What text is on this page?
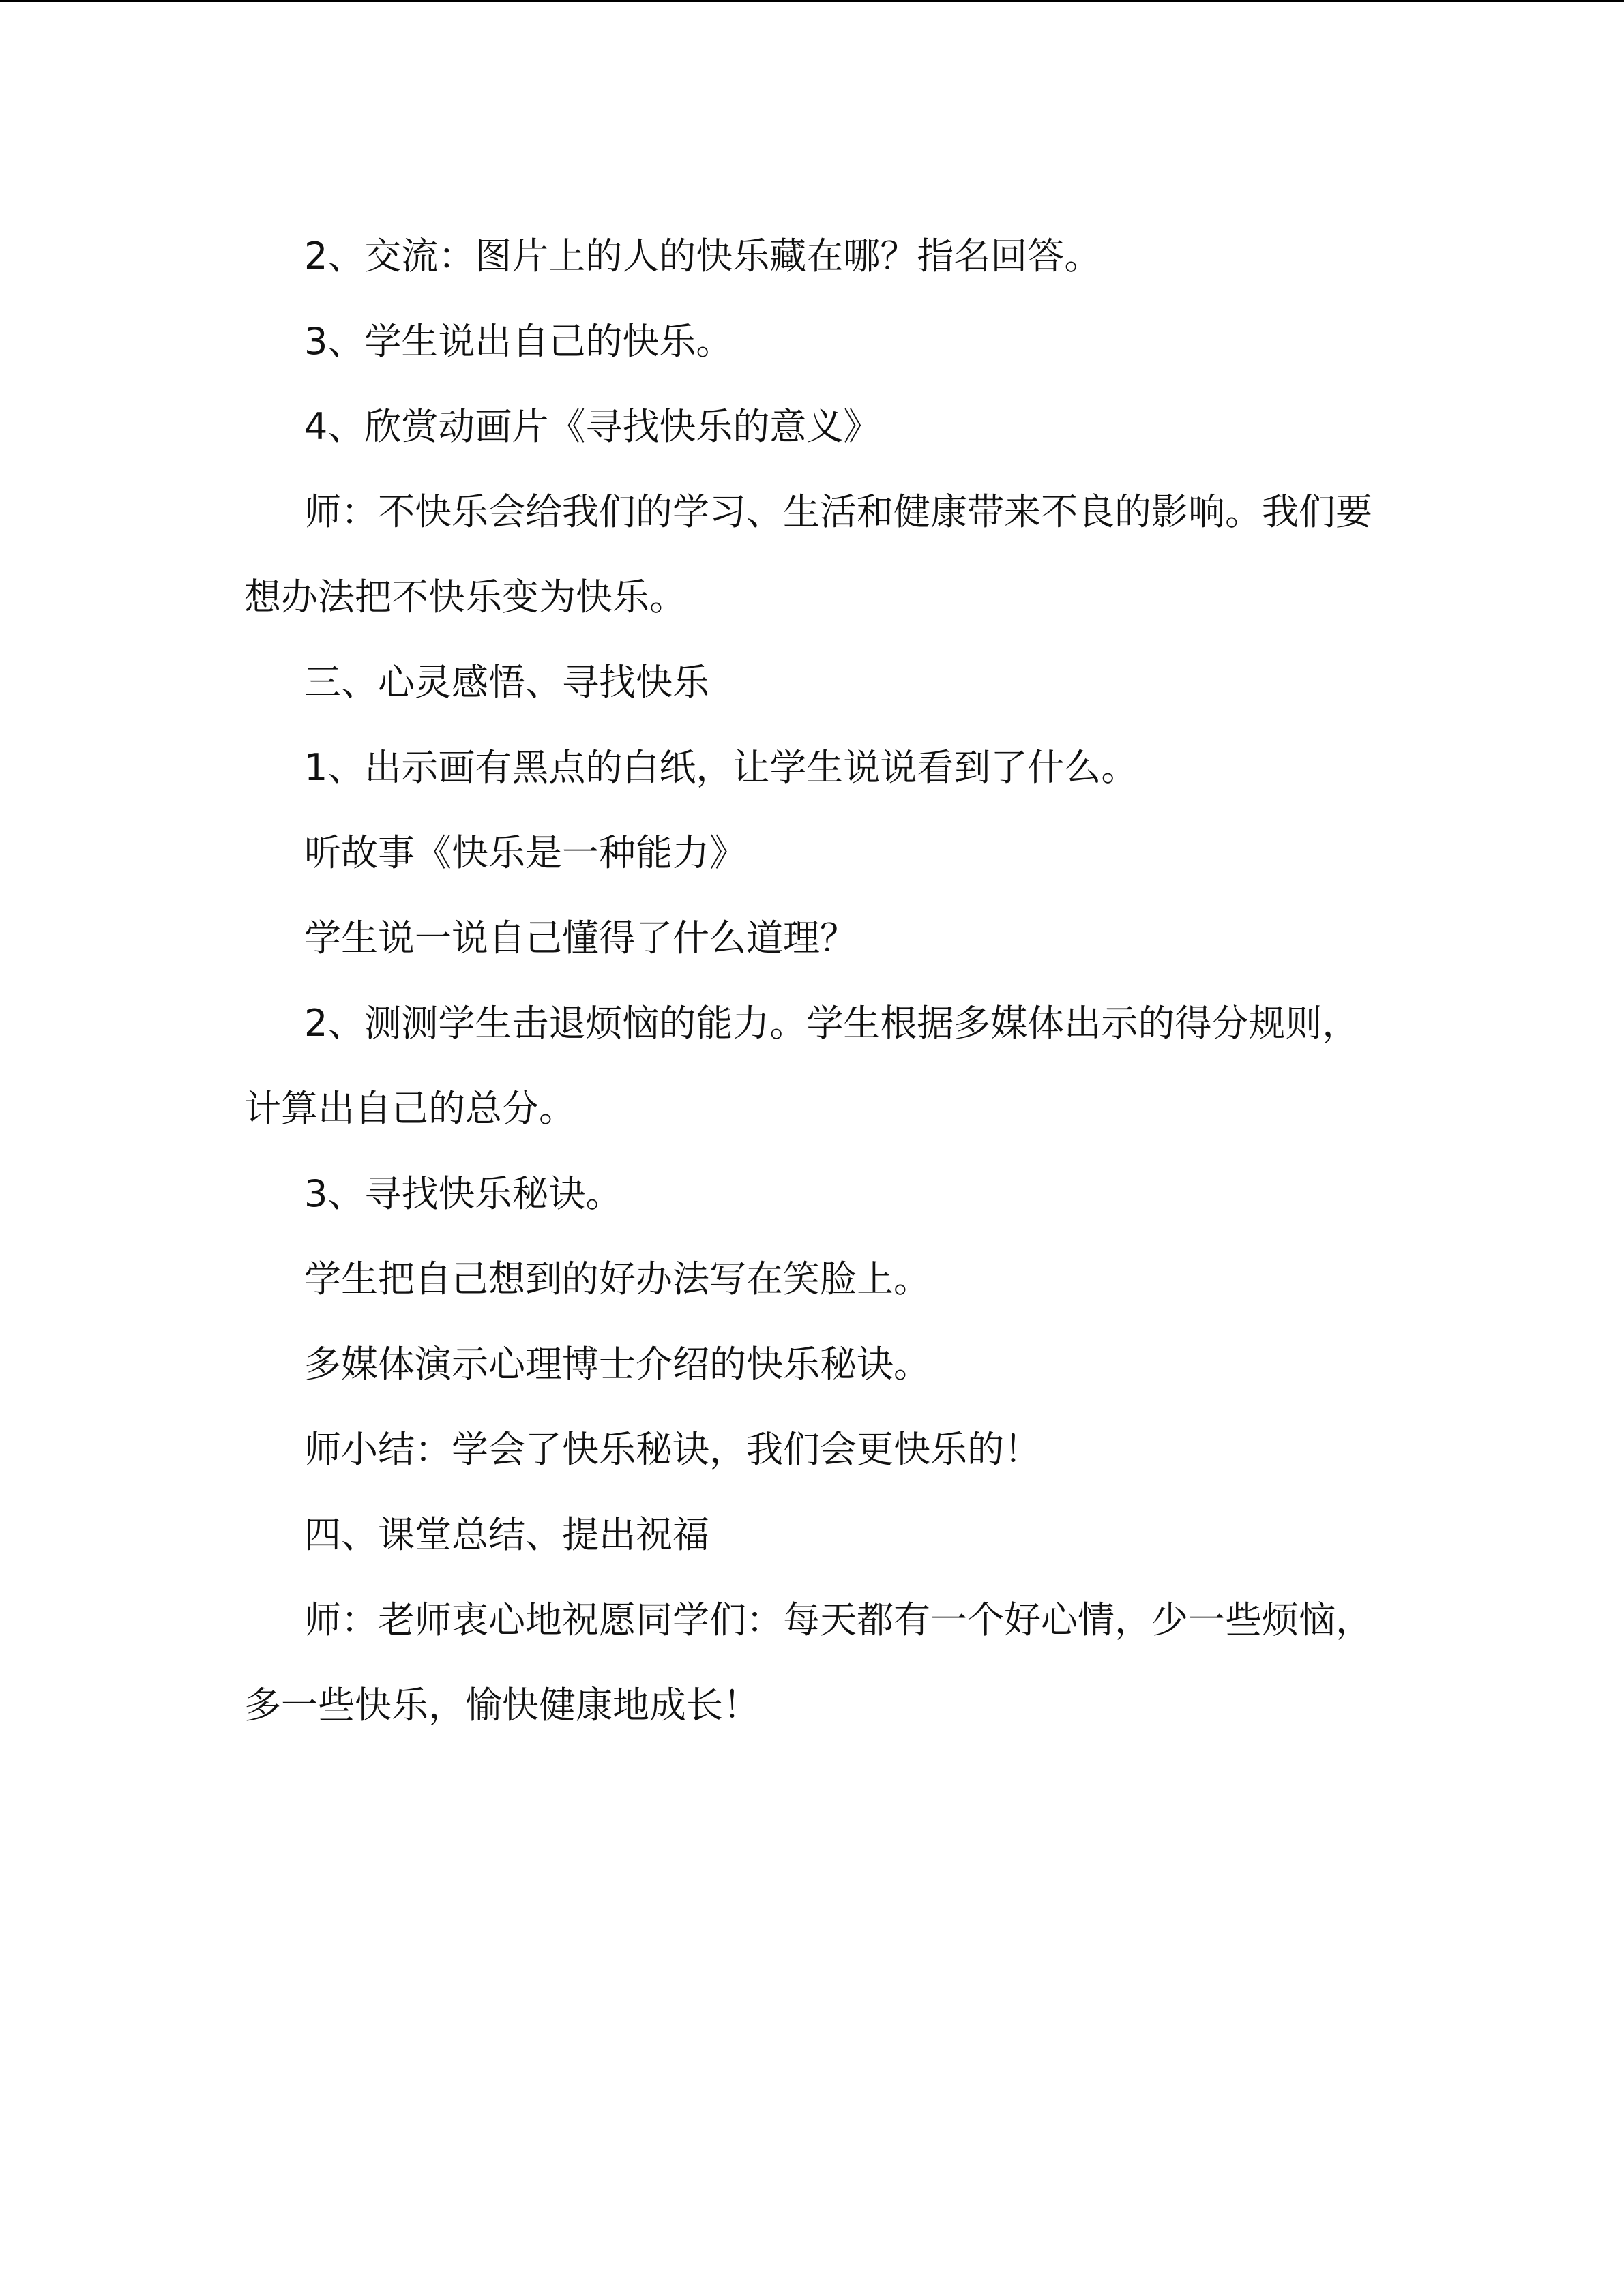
2、交流：图片上的人的快乐藏在哪？指名回答。

3、学生说出自己的快乐。

4、欣赏动画片《寻找快乐的意义》

师：不快乐会给我们的学习、生活和健康带来不良的影响。我们要想办法把不快乐变为快乐。

三、心灵感悟、寻找快乐

1、出示画有黑点的白纸，让学生说说看到了什么。

听故事《快乐是一种能力》

学生说一说自己懂得了什么道理？

2、测测学生击退烦恼的能力。学生根据多媒体出示的得分规则，计算出自己的总分。

3、寻找快乐秘诀。

学生把自己想到的好办法写在笑脸上。

多媒体演示心理博士介绍的快乐秘诀。

师小结：学会了快乐秘诀，我们会更快乐的！

四、课堂总结、提出祝福

师：老师衷心地祝愿同学们：每天都有一个好心情，少一些烦恼，多一些快乐，愉快健康地成长！
